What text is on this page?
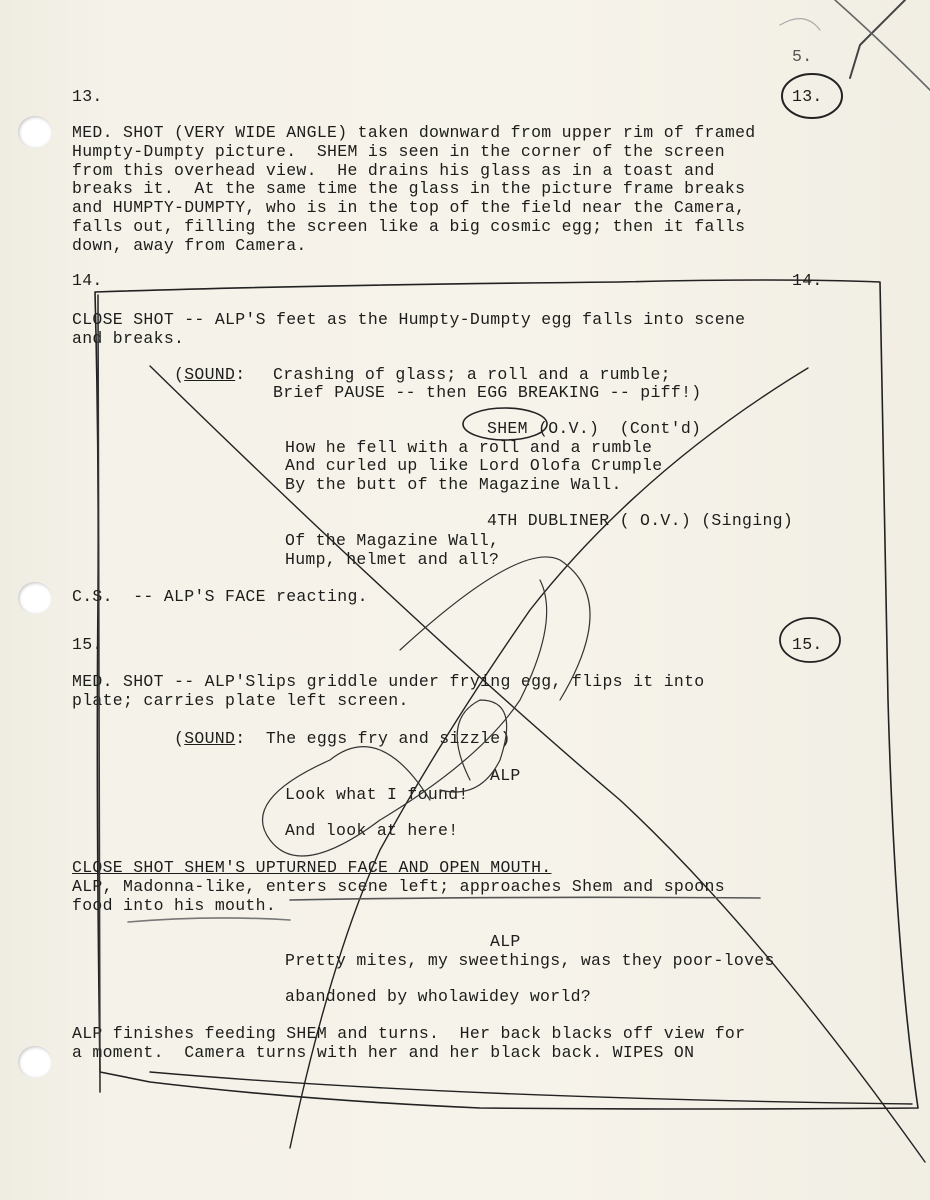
5.
13.	13.
MED. SHOT (VERY WIDE ANGLE) taken downward from upper rim of framed
Humpty-Dumpty picture.  SHEM is seen in the corner of the screen
from this overhead view.  He drains his glass as in a toast and
breaks it.  At the same time the glass in the picture frame breaks
and HUMPTY-DUMPTY, who is in the top of the field near the Camera,
falls out, filling the screen like a big cosmic egg; then it falls
down, away from Camera.
14.	14.
CLOSE SHOT -- ALP'S feet as the Humpty-Dumpty egg falls into scene
and breaks.
(SOUND: Crashing of glass; a roll and a rumble;
Brief PAUSE -- then EGG BREAKING -- piff!)
SHEM (O.V.)  (Cont'd)
How he fell with a roll and a rumble
And curled up like Lord Olofa Crumple
By the butt of the Magazine Wall.
4TH DUBLINER ( O.V.) (Singing)
Of the Magazine Wall,
Hump, helmet and all?
C.S.  -- ALP'S FACE reacting.
15.	15.
MED. SHOT -- ALP'Slips griddle under frying egg, flips it into
plate; carries plate left screen.
(SOUND:  The eggs fry and sizzle)
ALP
Look what I found!
And look at here!
CLOSE SHOT SHEM'S UPTURNED FACE AND OPEN MOUTH.
ALP, Madonna-like, enters scene left; approaches Shem and spoons
food into his mouth.
ALP
Pretty mites, my sweethings, was they poor-loves
abandoned by wholawidey world?
ALP finishes feeding SHEM and turns.  Her back blacks off view for
a moment.  Camera turns with her and her black back. WIPES ON
